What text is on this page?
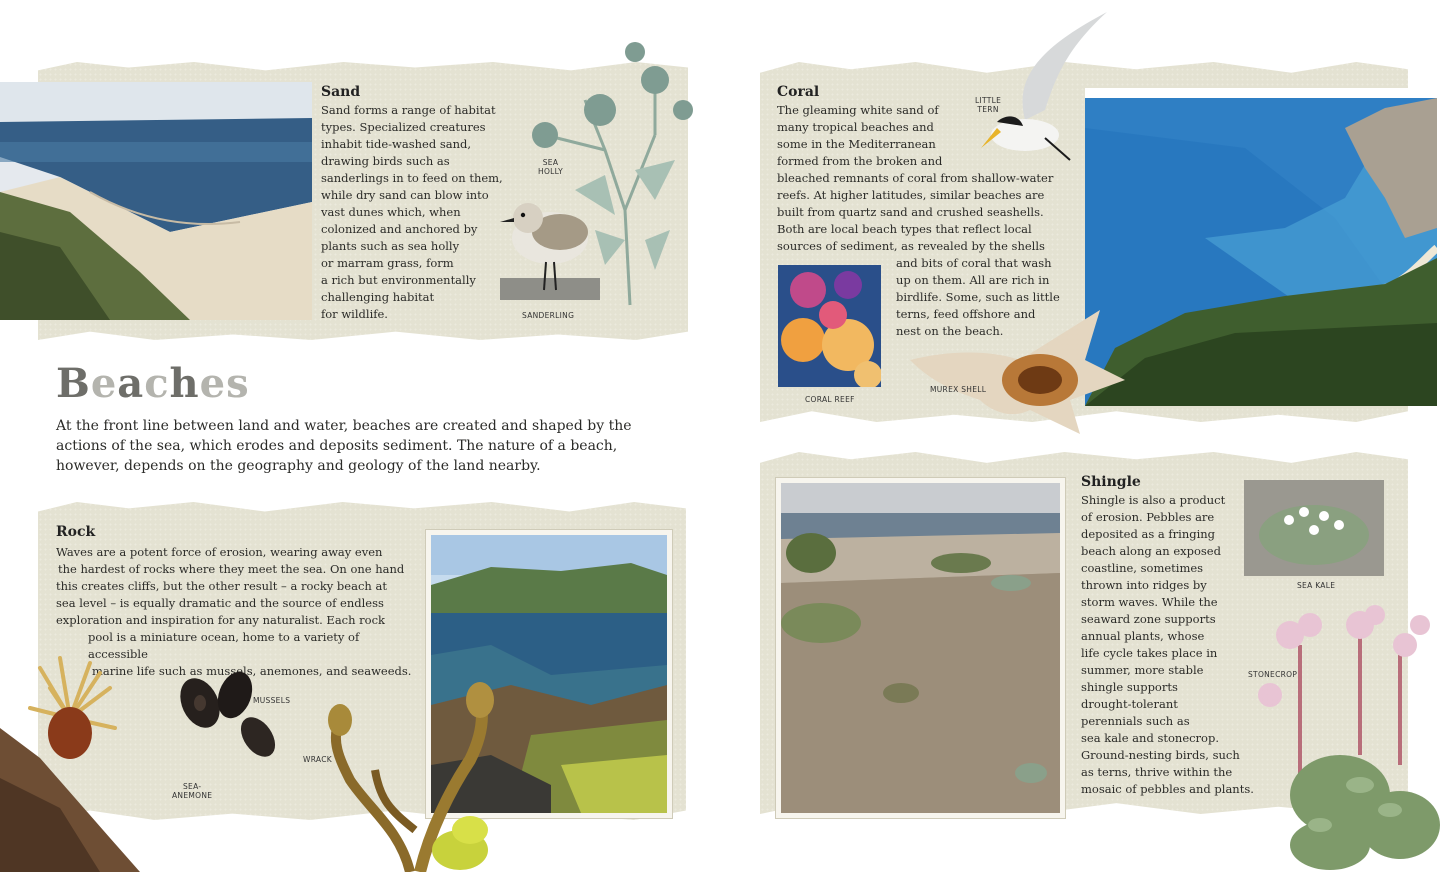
Sand
Sand forms a range of habitat
types. Specialized creatures
inhabit tide-washed sand,
drawing birds such as
sanderlings in to feed on them,
while dry sand can blow into
vast dunes which, when
colonized and anchored by
plants such as sea holly
or marram grass, form
a rich but environmentally
challenging habitat
for wildlife.
SEA
HOLLY
SANDERLING
Beaches

At the front line between land and water, beaches are created and shaped by the actions of the sea, which erodes and deposits sediment. The nature of a beach, however, depends on the geography and geology of the land nearby.

Rock
Waves are a potent force of erosion, wearing away even
the hardest of rocks where they meet the sea. On one hand
this creates cliffs, but the other result – a rocky beach at
sea level – is equally dramatic and the source of endless
exploration and inspiration for any naturalist. Each rock
pool is a miniature ocean, home to a variety of accessible
marine life such as mussels, anemones, and seaweeds.
MUSSELS
WRACK
SEA-
ANEMONE
Coral
The gleaming white sand of
many tropical beaches and
some in the Mediterranean
formed from the broken and
bleached remnants of coral from shallow-water
reefs. At higher latitudes, similar beaches are
built from quartz sand and crushed seashells.
Both are local beach types that reflect local
sources of sediment, as revealed by the shells
and bits of coral that wash
up on them. All are rich in
birdlife. Some, such as little
terns, feed offshore and
nest on the beach.
LITTLE
TERN
CORAL REEF
MUREX SHELL
Shingle
Shingle is also a product
of erosion. Pebbles are
deposited as a fringing
beach along an exposed
coastline, sometimes
thrown into ridges by
storm waves. While the
seaward zone supports
annual plants, whose
life cycle takes place in
summer, more stable
shingle supports
drought-tolerant
perennials such as
sea kale and stonecrop.
Ground-nesting birds, such
as terns, thrive within the
mosaic of pebbles and plants.
SEA KALE
STONECROP
